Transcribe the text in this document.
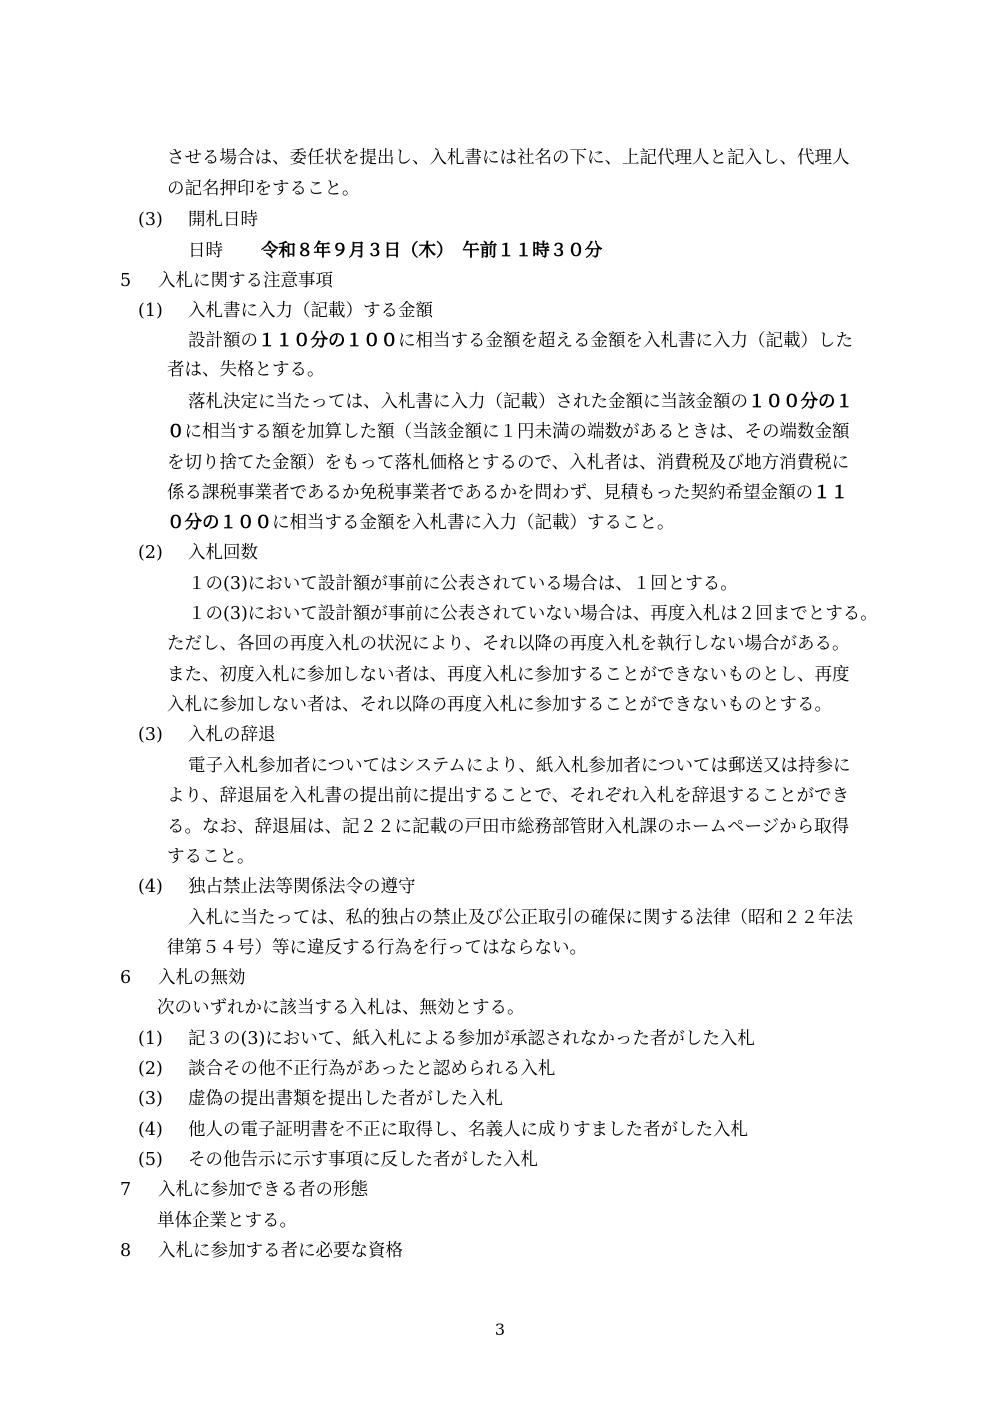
させる場合は、委任状を提出し、入札書には社名の下に、上記代理人と記入し、代理人
の記名押印をすること。
(3) 開札日時
日時 令和８年９月３日（木）　午前１１時３０分
5 入札に関する注意事項
(1) 入札書に入力（記載）する金額
設計額の１１０分の１００に相当する金額を超える金額を入札書に入力（記載）した
者は、失格とする。
落札決定に当たっては、入札書に入力（記載）された金額に当該金額の１００分の１
０に相当する額を加算した額（当該金額に１円未満の端数があるときは、その端数金額
を切り捨てた金額）をもって落札価格とするので、入札者は、消費税及び地方消費税に
係る課税事業者であるか免税事業者であるかを問わず、見積もった契約希望金額の１１
０分の１００に相当する金額を入札書に入力（記載）すること。
(2) 入札回数
１の(3)において設計額が事前に公表されている場合は、１回とする。
１の(3)において設計額が事前に公表されていない場合は、再度入札は２回までとする。
ただし、各回の再度入札の状況により、それ以降の再度入札を執行しない場合がある。
また、初度入札に参加しない者は、再度入札に参加することができないものとし、再度
入札に参加しない者は、それ以降の再度入札に参加することができないものとする。
(3) 入札の辞退
電子入札参加者についてはシステムにより、紙入札参加者については郵送又は持参に
より、辞退届を入札書の提出前に提出することで、それぞれ入札を辞退することができ
る。なお、辞退届は、記２２に記載の戸田市総務部管財入札課のホームページから取得
すること。
(4) 独占禁止法等関係法令の遵守
入札に当たっては、私的独占の禁止及び公正取引の確保に関する法律（昭和２２年法
律第５４号）等に違反する行為を行ってはならない。
6 入札の無効
次のいずれかに該当する入札は、無効とする。
(1) 記３の(3)において、紙入札による参加が承認されなかった者がした入札
(2) 談合その他不正行為があったと認められる入札
(3) 虚偽の提出書類を提出した者がした入札
(4) 他人の電子証明書を不正に取得し、名義人に成りすました者がした入札
(5) その他告示に示す事項に反した者がした入札
7 入札に参加できる者の形態
単体企業とする。
8 入札に参加する者に必要な資格
3
